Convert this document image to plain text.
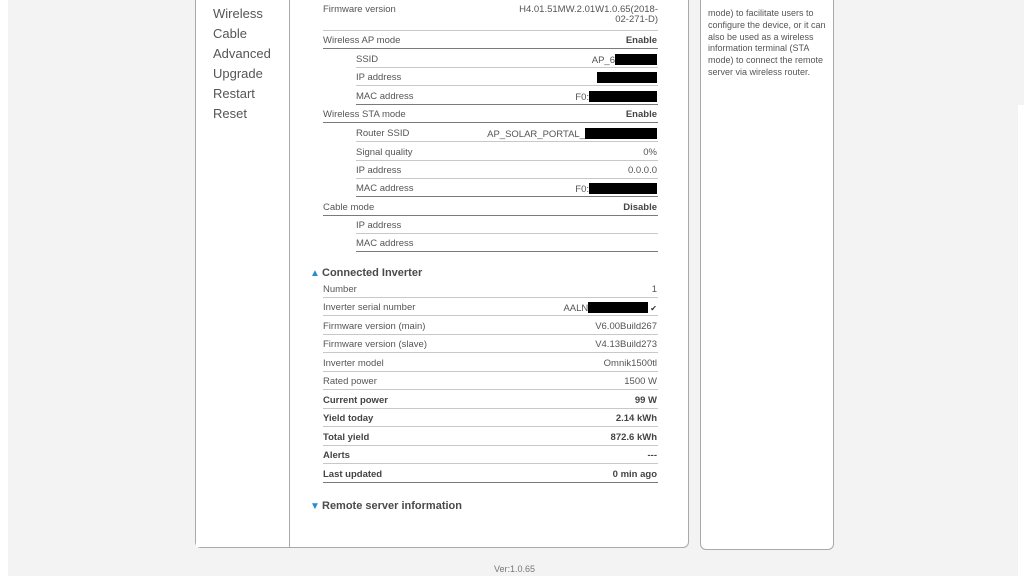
Wireless
Cable
Advanced
Upgrade
Restart
Reset
Firmware version	H4.01.51MW.2.01W1.0.65(2018-02-271-D)
Wireless AP mode	Enable
SSID	AP_6
IP address
MAC address	F0:
Wireless STA mode	Enable
Router SSID	AP_SOLAR_PORTAL_
Signal quality	0%
IP address	0.0.0.0
MAC address	F0:
Cable mode	Disable
IP address
MAC address
▲ Connected Inverter
Number	1
Inverter serial number	AALN	✔
Firmware version (main)	V6.00Build267
Firmware version (slave)	V4.13Build273
Inverter model	Omnik1500tl
Rated power	1500 W
Current power	99 W
Yield today	2.14 kWh
Total yield	872.6 kWh
Alerts	---
Last updated	0 min ago
▼ Remote server information
mode) to facilitate users to configure the device, or it can also be used as a wireless information terminal (STA mode) to connect the remote server via wireless router.
Ver:1.0.65
